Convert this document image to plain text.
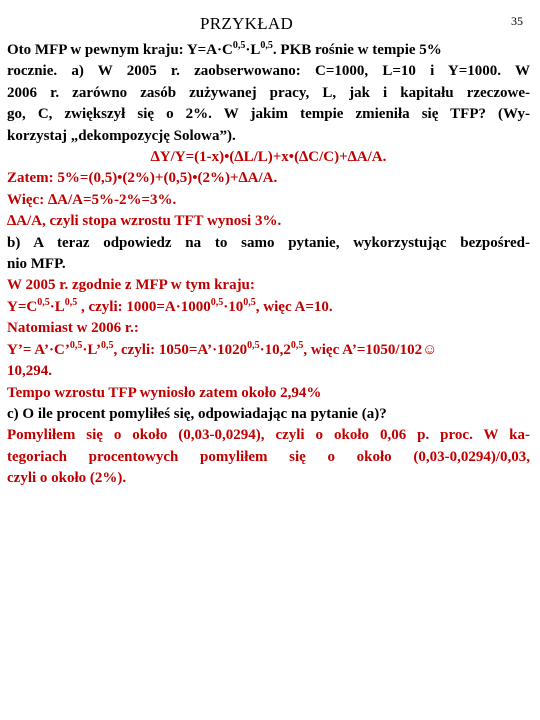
PRZYKŁAD	35
Oto MFP w pewnym kraju: $Y=A\cdot C^{0,5}\cdot L^{0,5}$. PKB rośnie w tempie 5%
rocznie. a) W 2005 r. zaobserwowano: C=1000, L=10 i Y=1000. W
2006 r. zarówno zasób zużywanej pracy, L, jak i kapitału rzeczowe-
go, C, zwiększył się o 2%. W jakim tempie zmieniła się TFP? (Wy-
korzystaj „dekompozycję Solowa”).
∆Y/Y=(1-x)•(∆L/L)+x•(∆C/C)+∆A/A.
Zatem: 5%=(0,5)•(2%)+(0,5)•(2%)+∆A/A.
Więc: ∆A/A=5%-2%=3%.
∆A/A, czyli stopa wzrostu TFT wynosi 3%.
b) A teraz odpowiedz na to samo pytanie, wykorzystując bezpośred-
nio MFP.
W 2005 r. zgodnie z MFP w tym kraju:
$Y=C^{0,5}\cdot L^{0,5}$ , czyli: $1000=A\cdot 1000^{0,5}\cdot 10^{0,5}$, więc A=10.
Natomiast w 2006 r.:
Y’= A’·C’$^{0,5}$·L’$^{0,5}$, czyli: $1050=A’\cdot 1020^{0,5}\cdot 10,2^{0,5}$, więc A’=1050/102☺
10,294.
Tempo wzrostu TFP wyniosło zatem około 2,94%
c) O ile procent pomyliłeś się, odpowiadając na pytanie (a)?
Pomyliłem się o około (0,03-0,0294), czyli o około 0,06 p. proc. W ka-
tegoriach procentowych pomyliłem się o około (0,03-0,0294)/0,03,
czyli o około (2%).
